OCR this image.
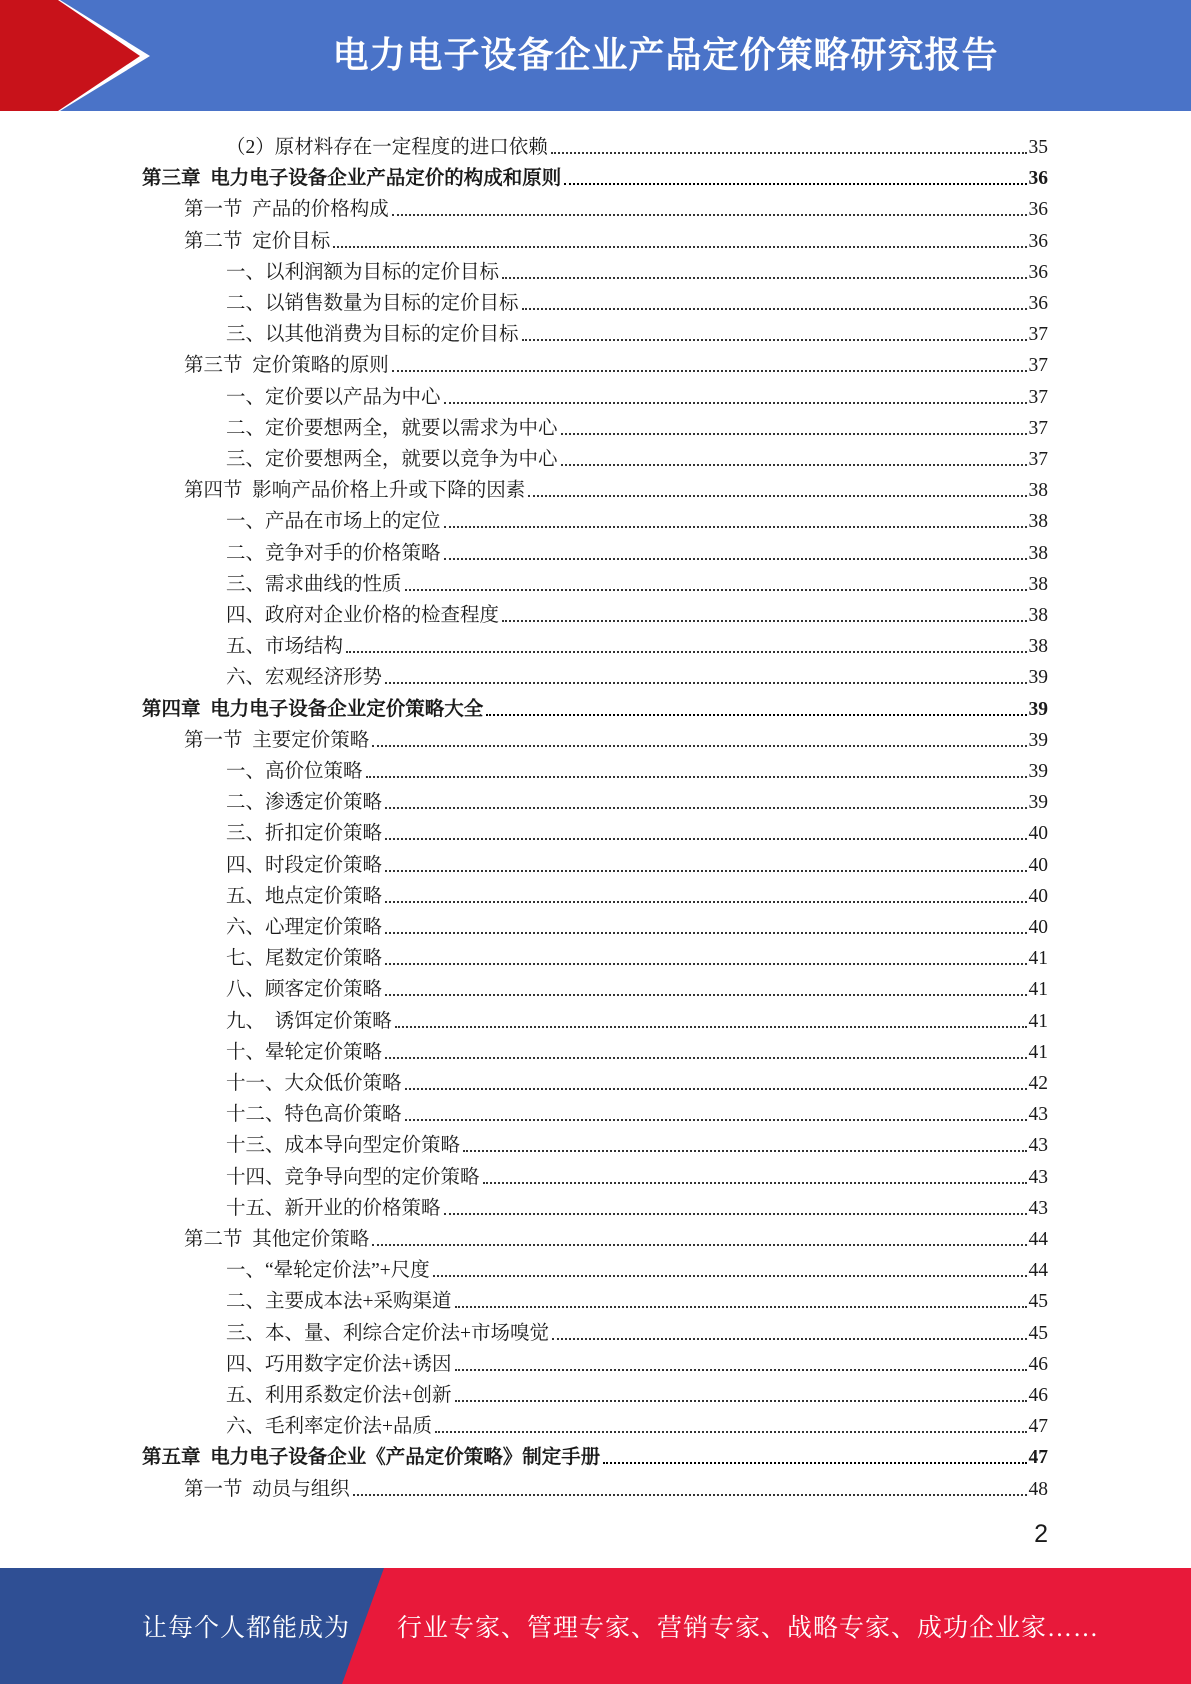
电力电子设备企业产品定价策略研究报告
（2）原材料存在一定程度的进口依赖	35
第三章  电力电子设备企业产品定价的构成和原则	36
第一节  产品的价格构成	36
第二节  定价目标	36
一、以利润额为目标的定价目标	36
二、以销售数量为目标的定价目标	36
三、以其他消费为目标的定价目标	37
第三节  定价策略的原则	37
一、定价要以产品为中心	37
二、定价要想两全，就要以需求为中心	37
三、定价要想两全，就要以竞争为中心	37
第四节  影响产品价格上升或下降的因素	38
一、产品在市场上的定位	38
二、竞争对手的价格策略	38
三、需求曲线的性质	38
四、政府对企业价格的检查程度	38
五、市场结构	38
六、宏观经济形势	39
第四章  电力电子设备企业定价策略大全	39
第一节  主要定价策略	39
一、高价位策略	39
二、渗透定价策略	39
三、折扣定价策略	40
四、时段定价策略	40
五、地点定价策略	40
六、心理定价策略	40
七、尾数定价策略	41
八、顾客定价策略	41
九、  诱饵定价策略	41
十、晕轮定价策略	41
十一、大众低价策略	42
十二、特色高价策略	43
十三、成本导向型定价策略	43
十四、竞争导向型的定价策略	43
十五、新开业的价格策略	43
第二节  其他定价策略	44
一、“晕轮定价法”+尺度	44
二、主要成本法+采购渠道	45
三、本、量、利综合定价法+市场嗅觉	45
四、巧用数字定价法+诱因	46
五、利用系数定价法+创新	46
六、毛利率定价法+品质	47
第五章  电力电子设备企业《产品定价策略》制定手册	47
第一节  动员与组织	48
2
让每个人都能成为 行业专家、管理专家、营销专家、战略专家、成功企业家……
